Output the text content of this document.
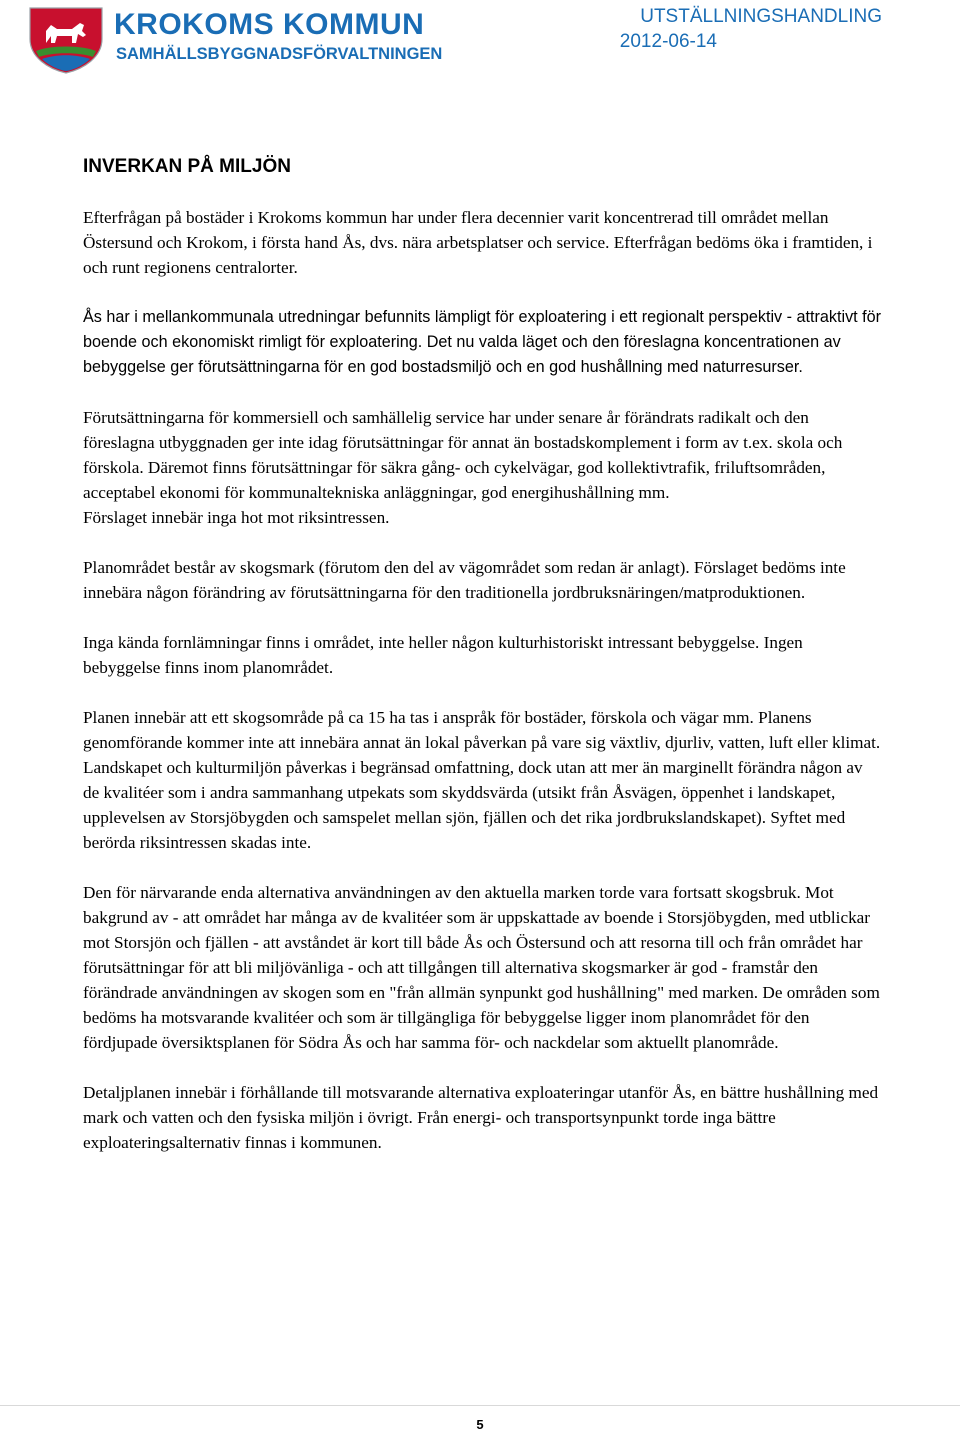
KROKOMS KOMMUN
SAMHÄLLSBYGGNADSFÖRVALTNINGEN
UTSTÄLLNINGSHANDLING
2012-06-14
INVERKAN PÅ MILJÖN

Efterfrågan på bostäder i Krokoms kommun har under flera decennier varit koncentrerad till området mellan Östersund och Krokom, i första hand Ås, dvs. nära arbetsplatser och service. Efterfrågan bedöms öka i framtiden, i och runt regionens centralorter.

Ås har i mellankommunala utredningar befunnits lämpligt för exploatering i ett regionalt perspektiv - attraktivt för boende och ekonomiskt rimligt för exploatering. Det nu valda läget och den föreslagna koncentrationen av bebyggelse ger förutsättningarna för en god bostadsmiljö och en god hushållning med naturresurser.

Förutsättningarna för kommersiell och samhällelig service har under senare år förändrats radikalt och den föreslagna utbyggnaden ger inte idag förutsättningar för annat än bostadskomplement i form av t.ex. skola och förskola. Däremot finns förutsättningar för säkra gång- och cykelvägar, god kollektivtrafik, friluftsområden, acceptabel ekonomi för kommunaltekniska anläggningar, god energihushållning mm.

Förslaget innebär inga hot mot riksintressen.

Planområdet består av skogsmark (förutom den del av vägområdet som redan är anlagt). Förslaget bedöms inte innebära någon förändring av förutsättningarna för den traditionella jordbruksnäringen/matproduktionen.

Inga kända fornlämningar finns i området, inte heller någon kulturhistoriskt intressant bebyggelse. Ingen bebyggelse finns inom planområdet.

Planen innebär att ett skogsområde på ca 15 ha tas i anspråk för bostäder, förskola och vägar mm. Planens genomförande kommer inte att innebära annat än lokal påverkan på vare sig växtliv, djurliv, vatten, luft eller klimat. Landskapet och kulturmiljön påverkas i begränsad omfattning, dock utan att mer än marginellt förändra någon av de kvalitéer som i andra sammanhang utpekats som skyddsvärda (utsikt från Åsvägen, öppenhet i landskapet, upplevelsen av Storsjöbygden och samspelet mellan sjön, fjällen och det rika jordbrukslandskapet). Syftet med berörda riksintressen skadas inte.

Den för närvarande enda alternativa användningen av den aktuella marken torde vara fortsatt skogsbruk. Mot bakgrund av - att området har många av de kvalitéer som är uppskattade av boende i Storsjöbygden, med utblickar mot Storsjön och fjällen - att avståndet är kort till både Ås och Östersund och att resorna till och från området har förutsättningar för att bli miljövänliga - och att tillgången till alternativa skogsmarker är god - framstår den förändrade användningen av skogen som en "från allmän synpunkt god hushållning" med marken. De områden som bedöms ha motsvarande kvalitéer och som är tillgängliga för bebyggelse ligger inom planområdet för den fördjupade översiktsplanen för Södra Ås och har samma för- och nackdelar som aktuellt planområde.

Detaljplanen innebär i förhållande till motsvarande alternativa exploateringar utanför Ås, en bättre hushållning med mark och vatten och den fysiska miljön i övrigt. Från energi- och transportsynpunkt torde inga bättre exploateringsalternativ finnas i kommunen.

5
